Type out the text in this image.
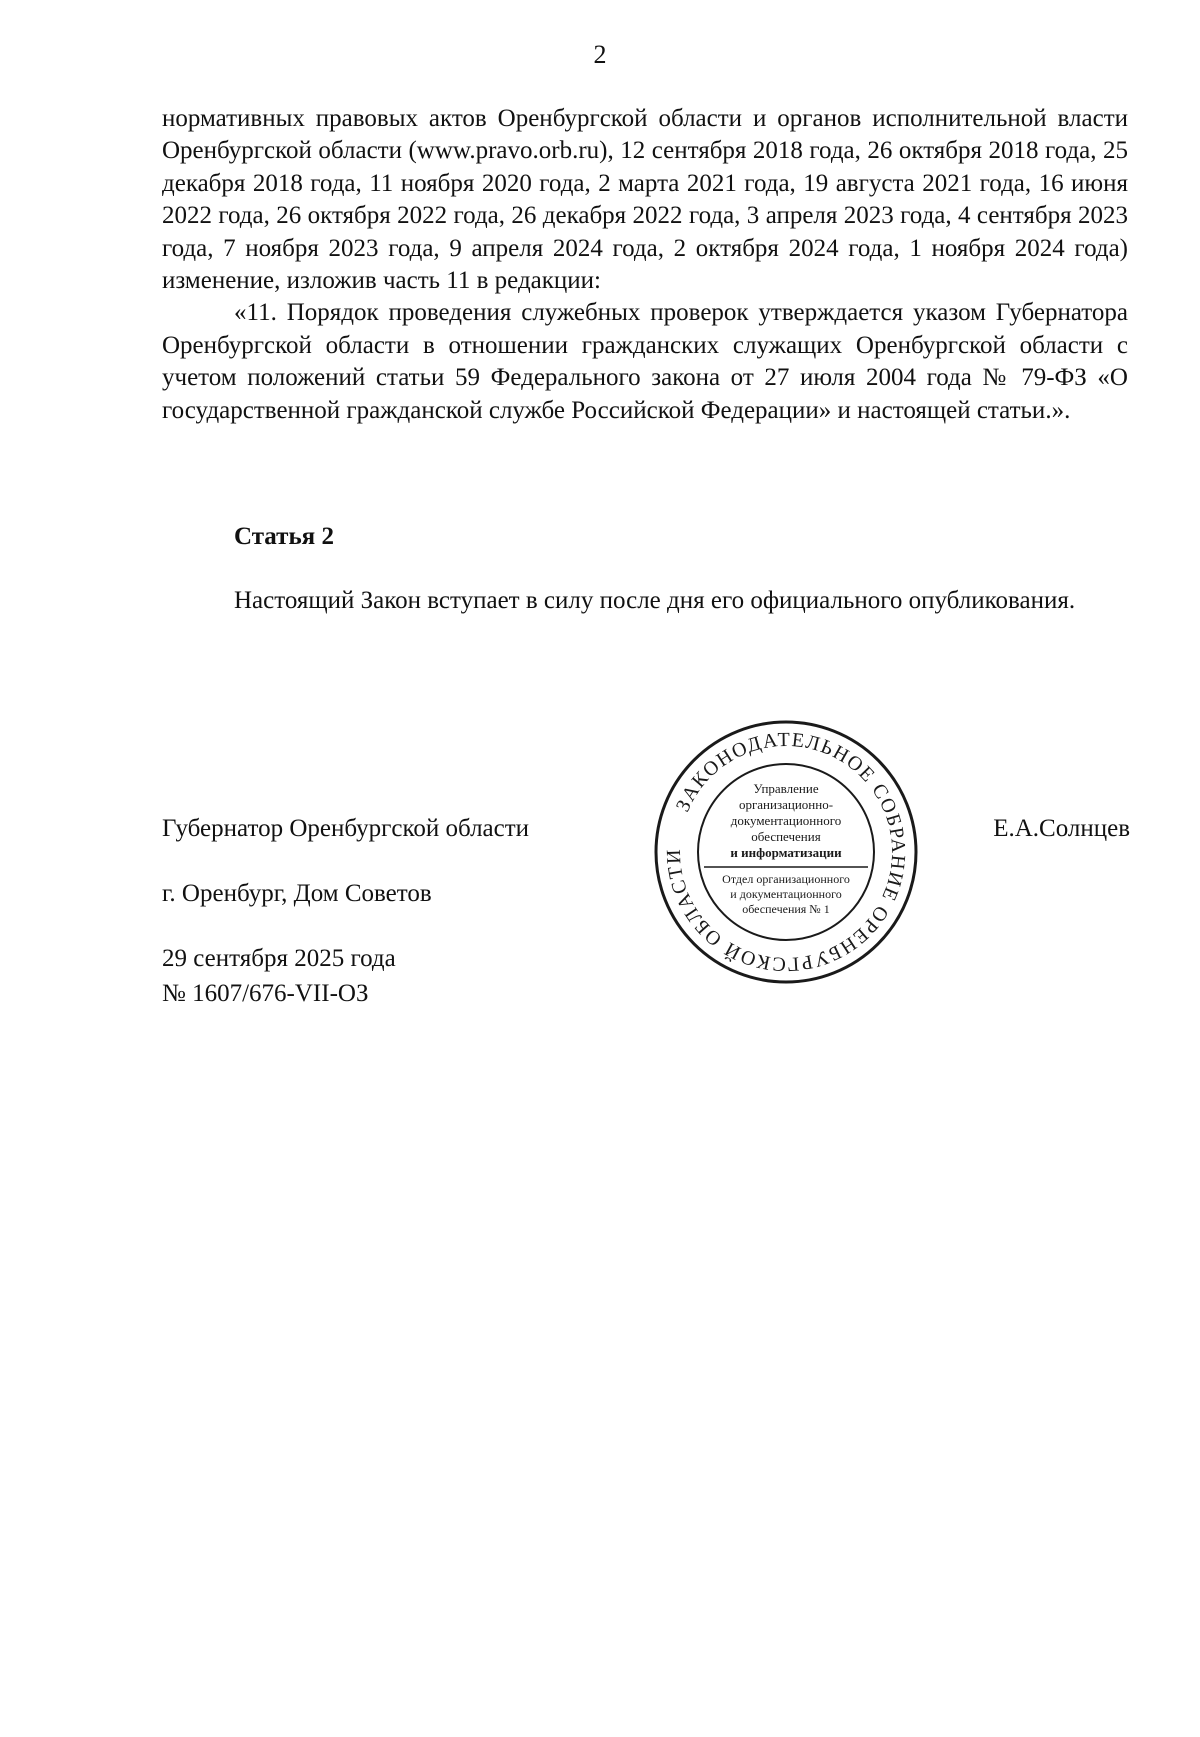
2

нормативных правовых актов Оренбургской области и органов исполнительной власти Оренбургской области (www.pravo.orb.ru), 12 сентября 2018 года, 26 октября 2018 года, 25 декабря 2018 года, 11 ноября 2020 года, 2 марта 2021 года, 19 августа 2021 года, 16 июня 2022 года, 26 октября 2022 года, 26 декабря 2022 года, 3 апреля 2023 года, 4 сентября 2023 года, 7 ноября 2023 года, 9 апреля 2024 года, 2 октября 2024 года, 1 ноября 2024 года) изменение, изложив часть 11 в редакции:

«11. Порядок проведения служебных проверок утверждается указом Губернатора Оренбургской области в отношении гражданских служащих Оренбургской области с учетом положений статьи 59 Федерального закона от 27 июля 2004 года № 79-ФЗ «О государственной гражданской службе Российской Федерации» и настоящей статьи.».

Статья 2
Настоящий Закон вступает в силу после дня его официального опубликования.
Губернатор Оренбургской области	Е.А.Солнцев
г. Оренбург, Дом Советов
29 сентября 2025 года
№ 1607/676-VII-ОЗ
ЗАКОНОДАТЕЛЬНОЕ СОБРАНИЕ ОРЕНБУРГСКОЙ ОБЛАСТИ
Управление
организационно-
документационного
обеспечения
и информатизации
Отдел организационного
и документационного
обеспечения № 1
